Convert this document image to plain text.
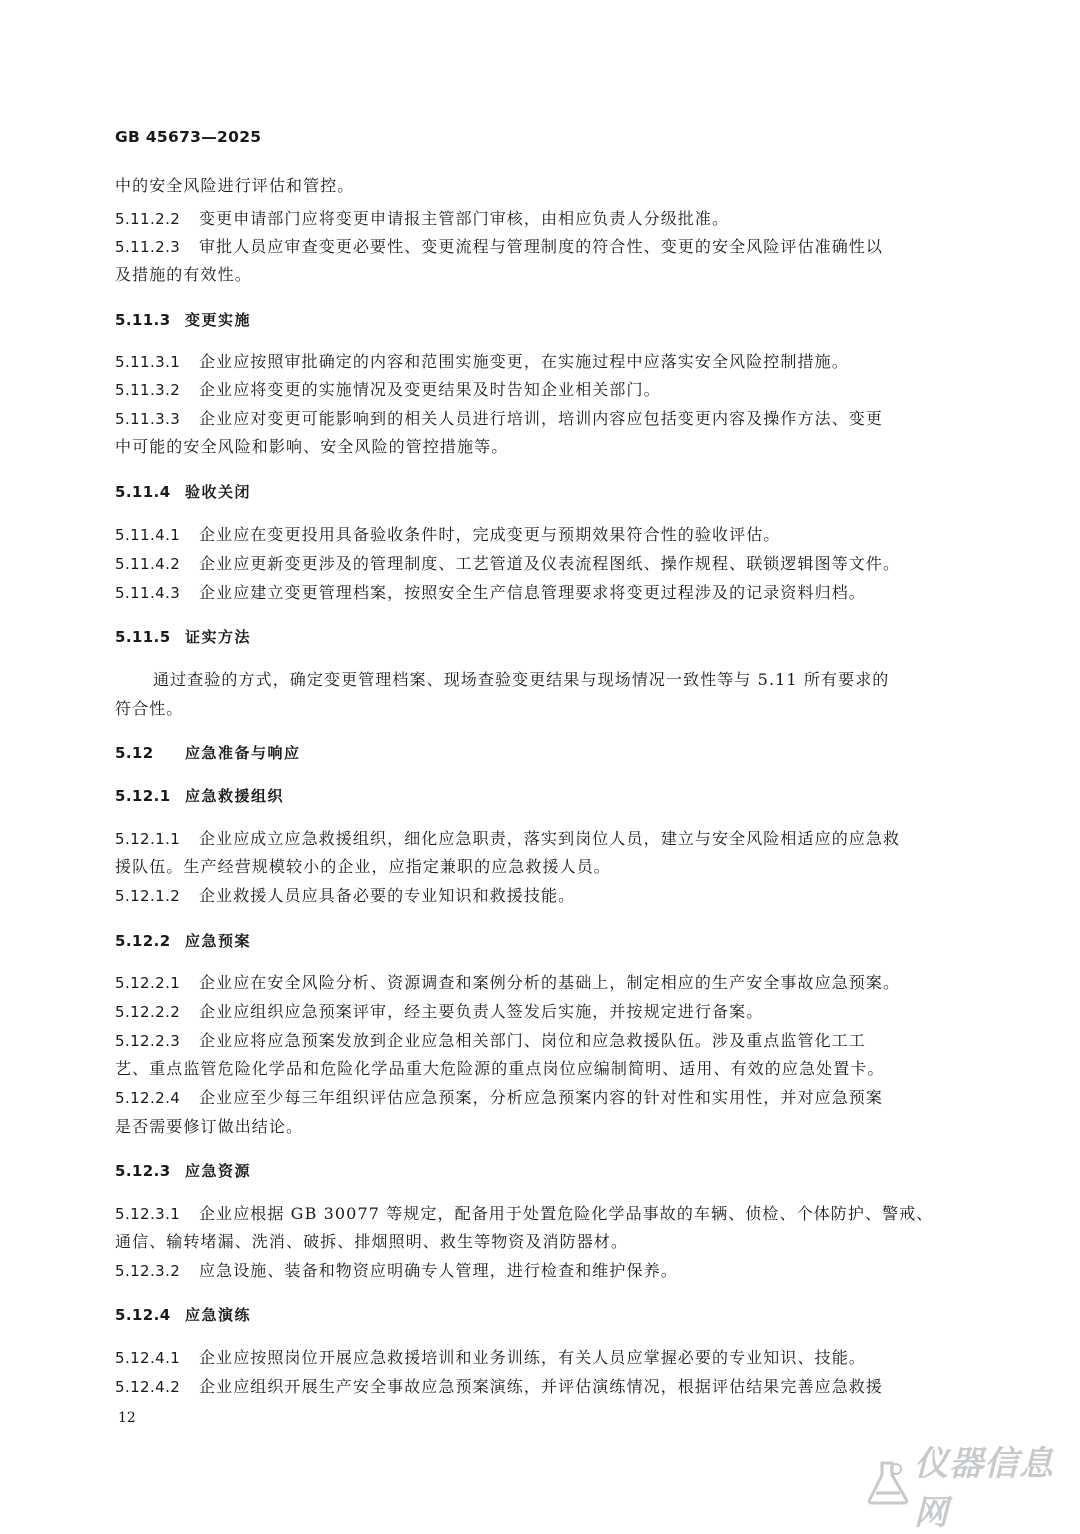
GB 45673—2025
中的安全风险进行评估和管控。
5.11.2.2 变更申请部门应将变更申请报主管部门审核，由相应负责人分级批准。
5.11.2.3 审批人员应审查变更必要性、变更流程与管理制度的符合性、变更的安全风险评估准确性以
及措施的有效性。
5.11.3 变更实施
5.11.3.1 企业应按照审批确定的内容和范围实施变更，在实施过程中应落实安全风险控制措施。
5.11.3.2 企业应将变更的实施情况及变更结果及时告知企业相关部门。
5.11.3.3 企业应对变更可能影响到的相关人员进行培训，培训内容应包括变更内容及操作方法、变更
中可能的安全风险和影响、安全风险的管控措施等。
5.11.4 验收关闭
5.11.4.1 企业应在变更投用具备验收条件时，完成变更与预期效果符合性的验收评估。
5.11.4.2 企业应更新变更涉及的管理制度、工艺管道及仪表流程图纸、操作规程、联锁逻辑图等文件。
5.11.4.3 企业应建立变更管理档案，按照安全生产信息管理要求将变更过程涉及的记录资料归档。
5.11.5 证实方法
通过查验的方式，确定变更管理档案、现场查验变更结果与现场情况一致性等与 5.11 所有要求的
符合性。
5.12 应急准备与响应
5.12.1 应急救援组织
5.12.1.1 企业应成立应急救援组织，细化应急职责，落实到岗位人员，建立与安全风险相适应的应急救
援队伍。生产经营规模较小的企业，应指定兼职的应急救援人员。
5.12.1.2 企业救援人员应具备必要的专业知识和救援技能。
5.12.2 应急预案
5.12.2.1 企业应在安全风险分析、资源调查和案例分析的基础上，制定相应的生产安全事故应急预案。
5.12.2.2 企业应组织应急预案评审，经主要负责人签发后实施，并按规定进行备案。
5.12.2.3 企业应将应急预案发放到企业应急相关部门、岗位和应急救援队伍。涉及重点监管化工工
艺、重点监管危险化学品和危险化学品重大危险源的重点岗位应编制简明、适用、有效的应急处置卡。
5.12.2.4 企业应至少每三年组织评估应急预案，分析应急预案内容的针对性和实用性，并对应急预案
是否需要修订做出结论。
5.12.3 应急资源
5.12.3.1 企业应根据 GB 30077 等规定，配备用于处置危险化学品事故的车辆、侦检、个体防护、警戒、
通信、输转堵漏、洗消、破拆、排烟照明、救生等物资及消防器材。
5.12.3.2 应急设施、装备和物资应明确专人管理，进行检查和维护保养。
5.12.4 应急演练
5.12.4.1 企业应按照岗位开展应急救援培训和业务训练，有关人员应掌握必要的专业知识、技能。
5.12.4.2 企业应组织开展生产安全事故应急预案演练，并评估演练情况，根据评估结果完善应急救援
12
仪器信息网
